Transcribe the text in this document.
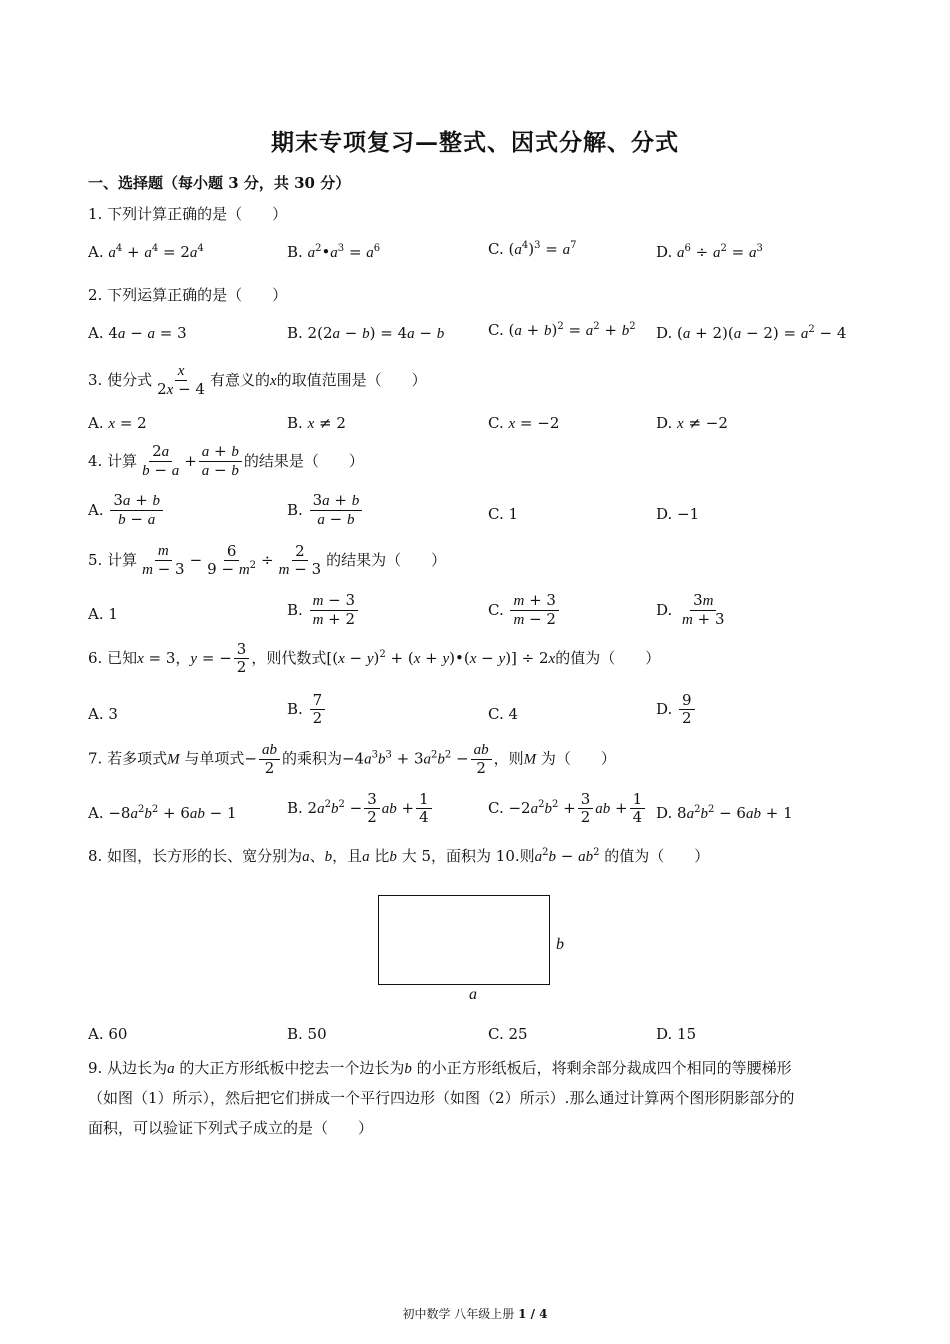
期末专项复习—整式、因式分解、分式
一、选择题（每小题 3 分，共 30 分）
1. 下列计算正确的是（　　）
A. $a^4 + a^4 = 2a^4$	B. $a^2•a^3 = a^6$	C. $(a^4)^3 = a^7$	D. $a^6 \div a^2 = a^3$
2. 下列运算正确的是（　　）
A. 4a − a = 3	B. 2(2a − b) = 4a − b	C. $(a + b)^2 = a^2 + b^2$ D. $(a + 2)(a - 2) = a^2 - 4$
3. 使分式 $\frac{x}{2x - 4}$ 有意义的x的取值范围是（　　）
A. x = 2	B. x ≠ 2	C. x = −2	D. x ≠ −2
4. 计算 $\frac{2a}{b - a} + \frac{a + b}{a - b}$ 的结果是（　　）
A. $\frac{3a + b}{b - a}$	B. $\frac{3a + b}{a - b}$	C. 1	D. −1
5. 计算 $\frac{m}{m - 3} - \frac{6}{9 - m^2} \div \frac{2}{m - 3}$ 的结果为（　　）
A. 1	B. $\frac{m - 3}{m + 2}$	C. $\frac{m + 3}{m - 2}$	D. $\frac{3m}{m + 3}$
6. 已知x = 3，y = − $\frac{3}{2}$ ，则代数式[$(x - y)^2 + (x$ + y)•(x − y)] ÷ 2x的值为（　　）
A. 3	B. $\frac{7}{2}$	C. 4	D. $\frac{9}{2}$
7. 若多项式M 与单项式− $\frac{ab}{2}$ 的乘积为$-4a^3b^3 + 3a^2b^2 - \frac{ab}{2}$ ，则M 为（　　）
A. $-8a^2b^2 + 6ab - 1$	B. $2a^2b^2 - \frac{3}{2}$ ab + $\frac{1}{4}$	C. $-2a^2b^2 + \frac{3}{2}$ ab + $\frac{1}{4} D$. $8a^2b^2 - 6ab + 1$
8. 如图，长方形的长、宽分别为a、b，且a 比b 大 5，面积为 10.则$a^2b - ab^2$ 的值为（　　）
b
a
A. 60	B. 50	C. 25	D. 15
9. 从边长为a 的大正方形纸板中挖去一个边长为b 的小正方形纸板后，将剩余部分裁成四个相同的等腰梯形
（如图（1）所示），然后把它们拼成一个平行四边形（如图（2）所示）.那么通过计算两个图形阴影部分的
面积，可以验证下列式子成立的是（　　）
初中数学 八年级上册 1 / 4
